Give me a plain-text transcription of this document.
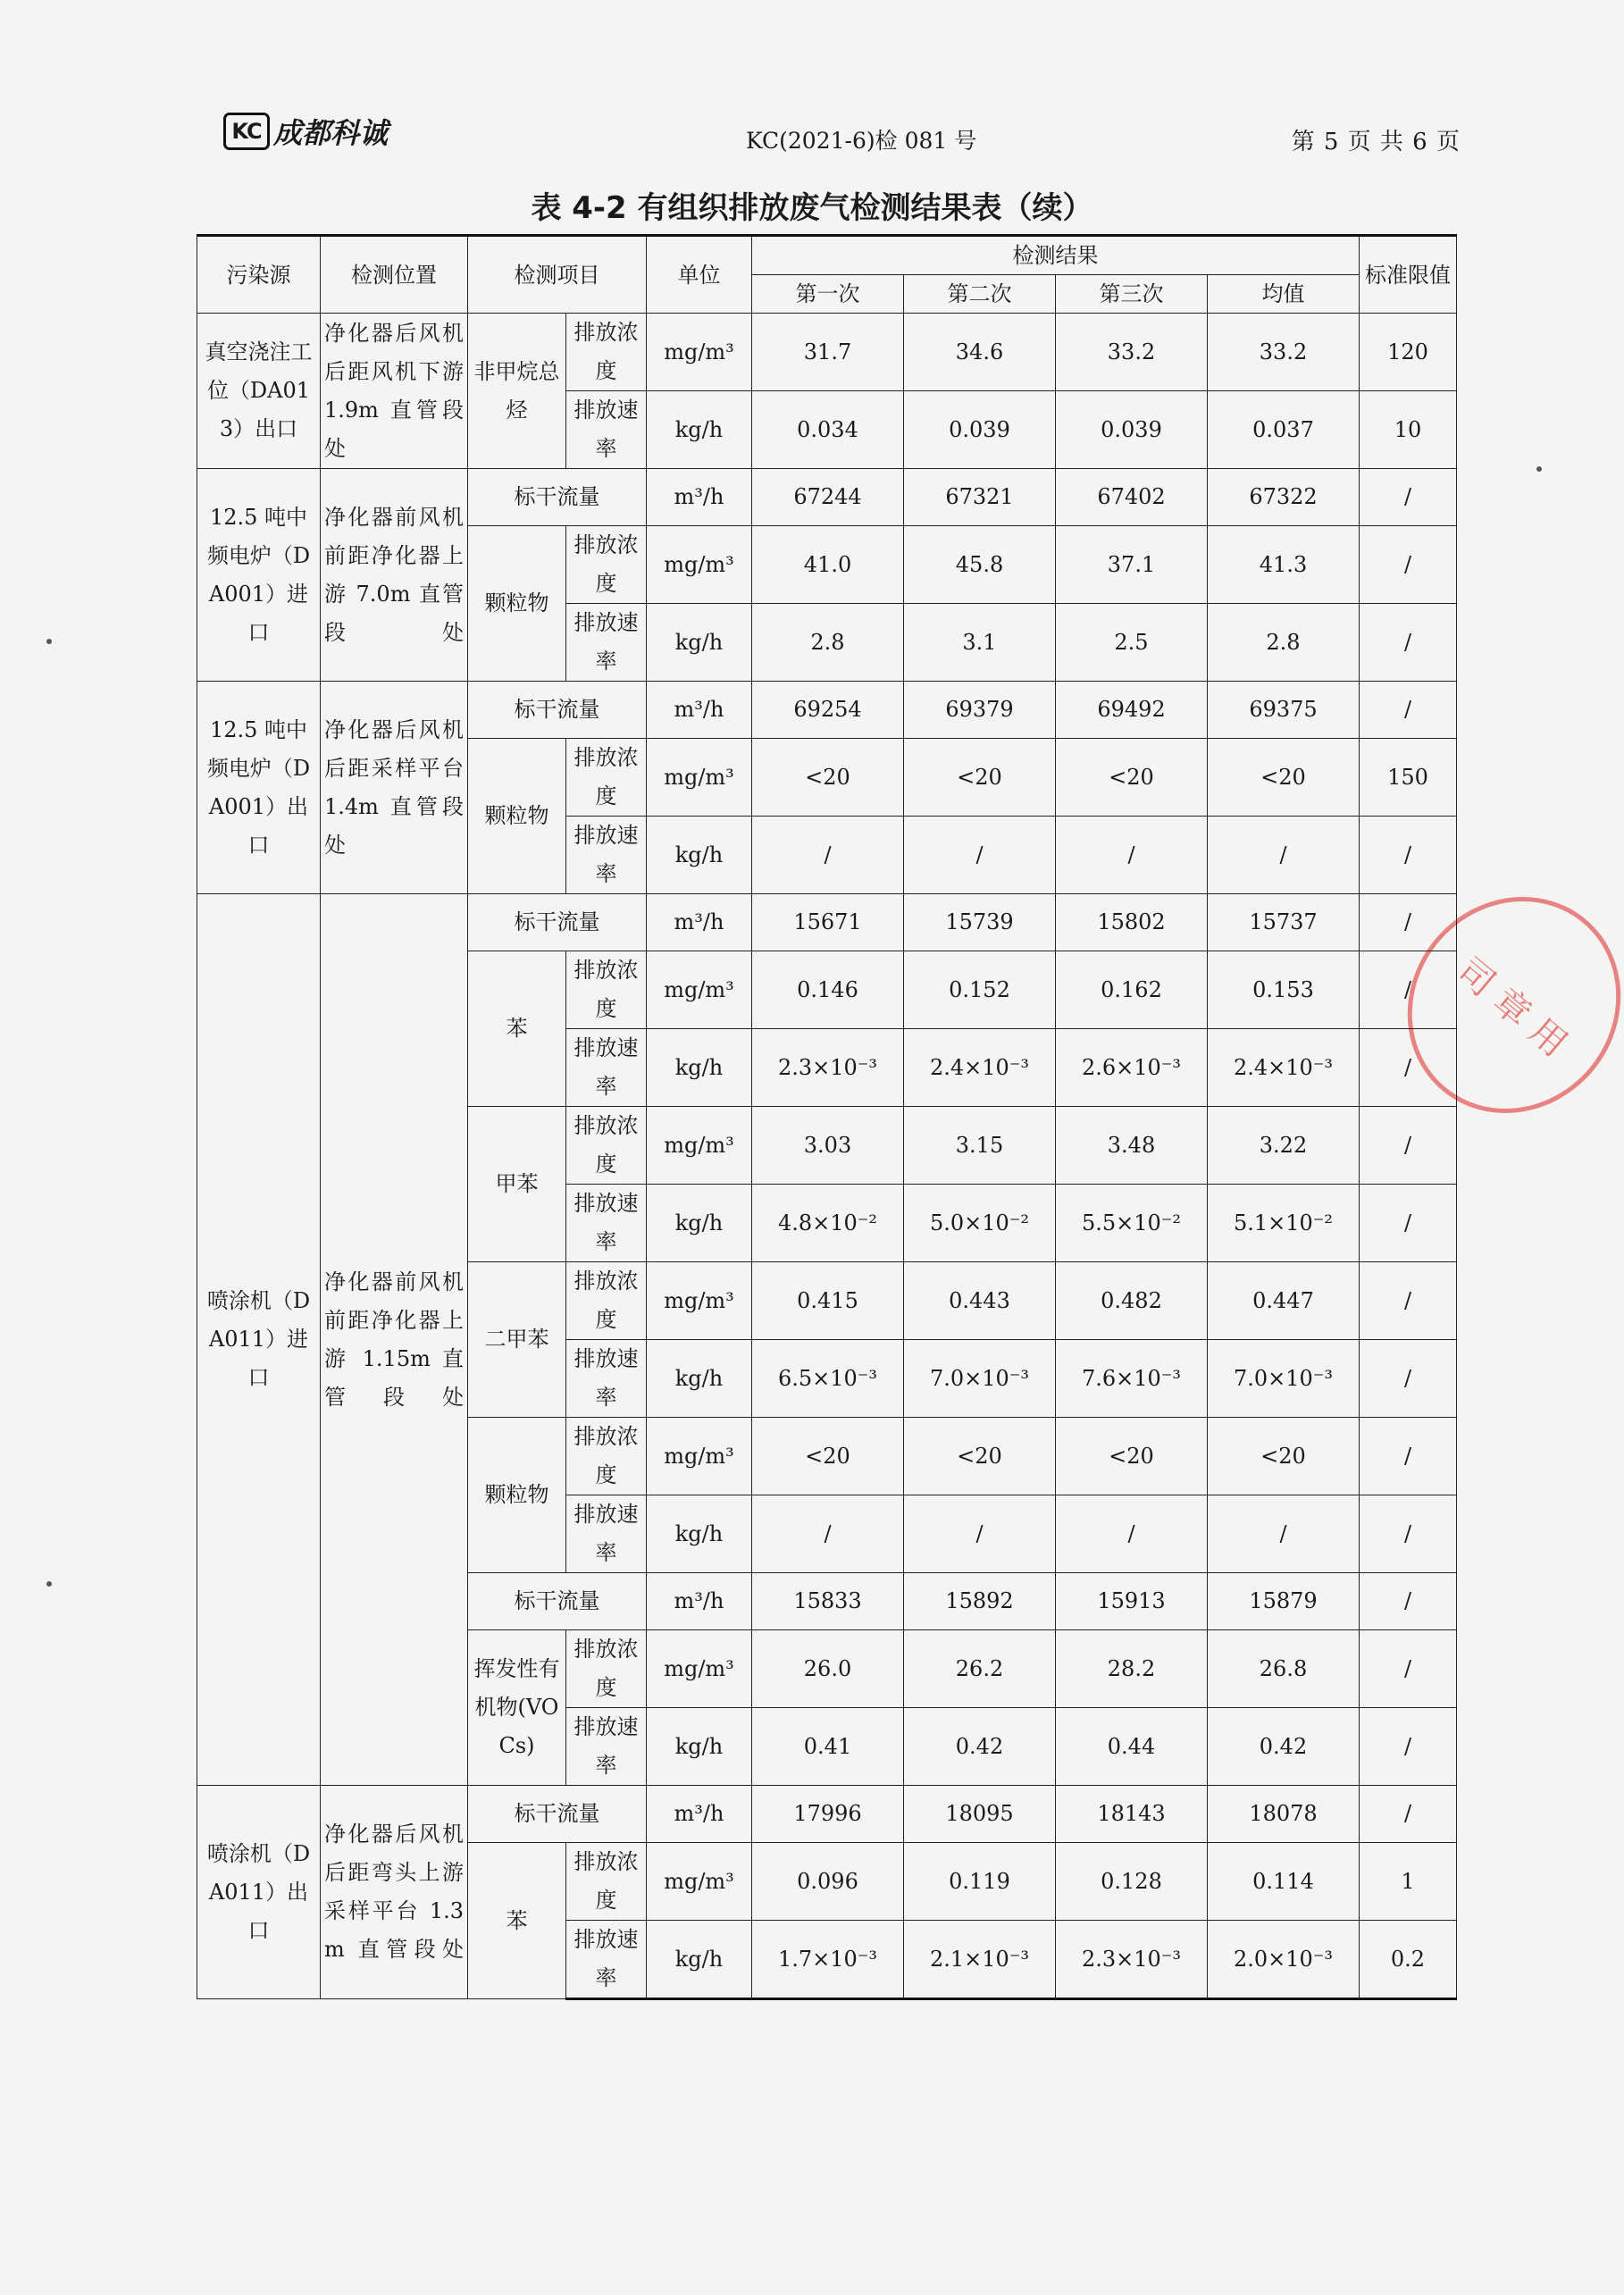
KC 成都科诚	KC(2021-6)检 081 号	第 5 页 共 6 页
表 4-2 有组织排放废气检测结果表（续）
司 章 用
污染源	检测位置	检测项目		单位	检测结果				标准限值
					第一次	第二次	第三次	均值	
真空浇注工位（DA013）出口	净化器后风机后距风机下游1.9m 直管段处	非甲烷总烃	排放浓度	mg/m³	31.7	34.6	33.2	33.2	120
			排放速率	kg/h	0.034	0.039	0.039	0.037	10
12.5 吨中频电炉（DA001）进口	净化器前风机前距净化器上游 7.0m 直管段处	标干流量		m³/h	67244	67321	67402	67322	/
		颗粒物	排放浓度	mg/m³	41.0	45.8	37.1	41.3	/
			排放速率	kg/h	2.8	3.1	2.5	2.8	/
12.5 吨中频电炉（DA001）出口	净化器后风机后距采样平台 1.4m 直管段处	标干流量		m³/h	69254	69379	69492	69375	/
		颗粒物	排放浓度	mg/m³	<20	<20	<20	<20	150
			排放速率	kg/h	/	/	/	/	/
喷涂机（DA011）进口	净化器前风机前距净化器上游 1.15m 直管段处	标干流量		m³/h	15671	15739	15802	15737	/
		苯	排放浓度	mg/m³	0.146	0.152	0.162	0.153	/
			排放速率	kg/h	2.3×10⁻³	2.4×10⁻³	2.6×10⁻³	2.4×10⁻³	/
		甲苯	排放浓度	mg/m³	3.03	3.15	3.48	3.22	/
			排放速率	kg/h	4.8×10⁻²	5.0×10⁻²	5.5×10⁻²	5.1×10⁻²	/
		二甲苯	排放浓度	mg/m³	0.415	0.443	0.482	0.447	/
			排放速率	kg/h	6.5×10⁻³	7.0×10⁻³	7.6×10⁻³	7.0×10⁻³	/
		颗粒物	排放浓度	mg/m³	<20	<20	<20	<20	/
			排放速率	kg/h	/	/	/	/	/
		标干流量		m³/h	15833	15892	15913	15879	/
		挥发性有机物(VOCs)	排放浓度	mg/m³	26.0	26.2	28.2	26.8	/
			排放速率	kg/h	0.41	0.42	0.44	0.42	/
喷涂机（DA011）出口	净化器后风机后距弯头上游采样平台 1.3m 直管段处	标干流量		m³/h	17996	18095	18143	18078	/
		苯	排放浓度	mg/m³	0.096	0.119	0.128	0.114	1
			排放速率	kg/h	1.7×10⁻³	2.1×10⁻³	2.3×10⁻³	2.0×10⁻³	0.2
